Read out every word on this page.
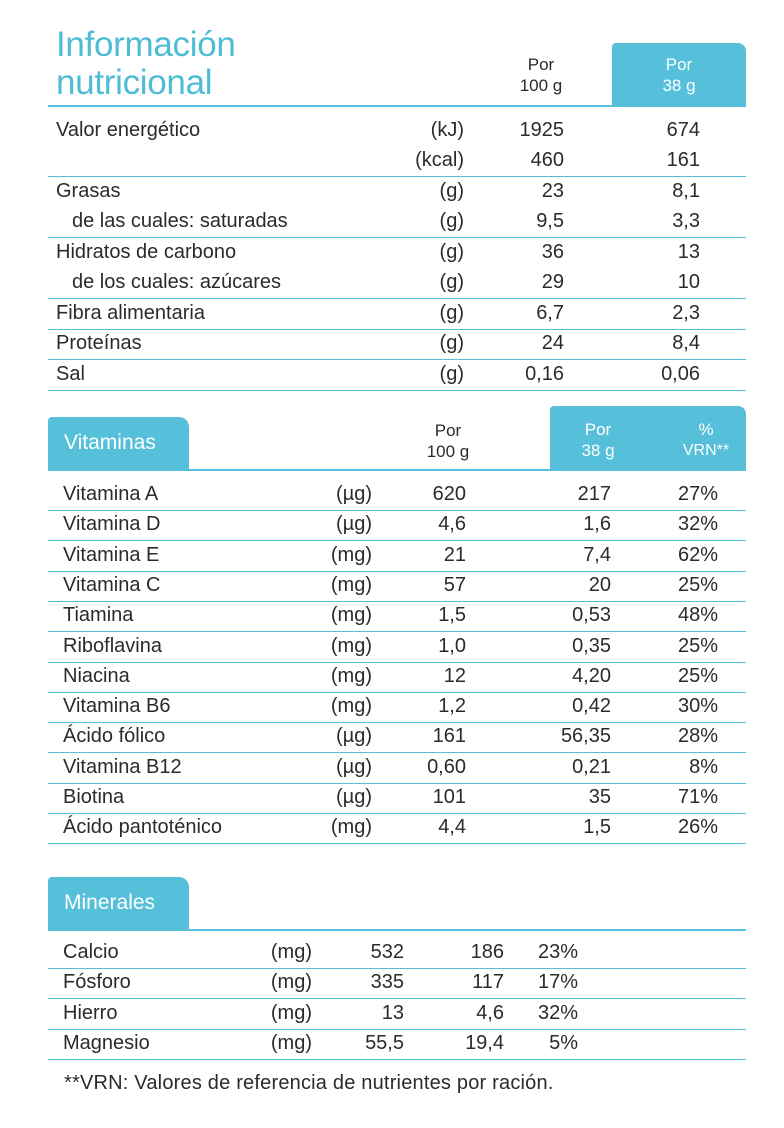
Información
nutricional	Por
100 g
Por
38 g
Valor energético	(kJ)	1925	674
(kcal)	460	161
Grasas	(g)	23	8,1
de las cuales: saturadas	(g)	9,5	3,3
Hidratos de carbono	(g)	36	13
de los cuales: azúcares	(g)	29	10
Fibra alimentaria	(g)	6,7	2,3
Proteínas	(g)	24	8,4
Sal	(g)	0,16	0,06
Vitaminas
Por
100 g
Por
38 g
%
VRN**
Vitamina A	(µg)	620	217	27%
Vitamina D	(µg)	4,6	1,6	32%
Vitamina E	(mg)	21	7,4	62%
Vitamina C	(mg)	57	20	25%
Tiamina	(mg)	1,5	0,53	48%
Riboflavina	(mg)	1,0	0,35	25%
Niacina	(mg)	12	4,20	25%
Vitamina B6	(mg)	1,2	0,42	30%
Ácido fólico	(µg)	161	56,35	28%
Vitamina B12	(µg)	0,60	0,21	8%
Biotina	(µg)	101	35	71%
Ácido pantoténico	(mg)	4,4	1,5	26%
Minerales
Calcio	(mg)	532	186	23%
Fósforo	(mg)	335	117	17%
Hierro	(mg)	13	4,6	32%
Magnesio	(mg)	55,5	19,4	5%
**VRN: Valores de referencia de nutrientes por ración.
